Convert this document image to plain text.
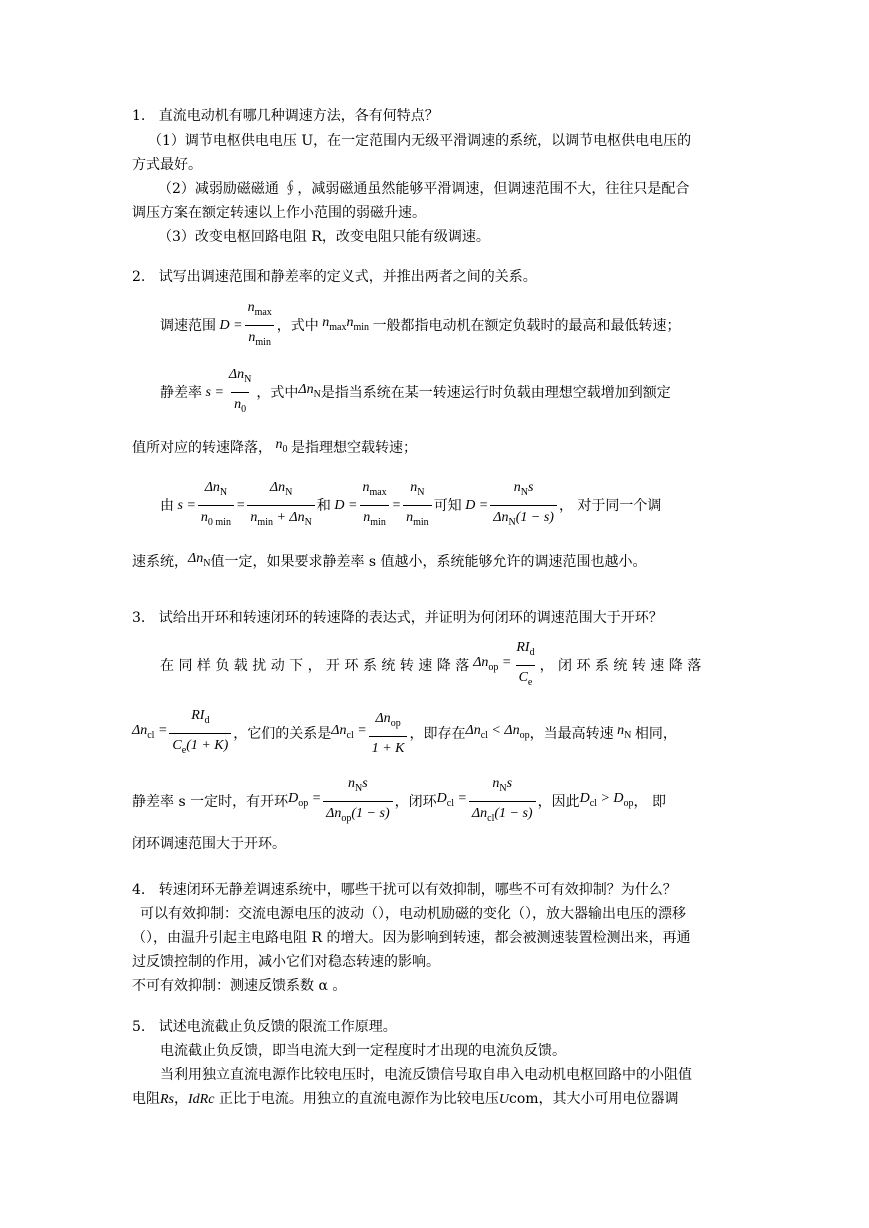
1.   直流电动机有哪几种调速方法，各有何特点？
（1）调节电枢供电电压 U，在一定范围内无级平滑调速的系统，以调节电枢供电电压的
方式最好。
（2）减弱励磁磁通 ∮，减弱磁通虽然能够平滑调速，但调速范围不大，往往只是配合
调压方案在额定转速以上作小范围的弱磁升速。
（3）改变电枢回路电阻 R，改变电阻只能有级调速。
2.   试写出调速范围和静差率的定义式，并推出两者之间的关系。
调速范围 D =
$n_{max}$
$n_{min}$
，式中 $n_{max}n_{min}$ 一般都指电动机在额定负载时的最高和最低转速；
静差率 s =
$\Delta n_N$
$n_0$
，式中 $\Delta n_N$ 是指当系统在某一转速运行时负载由理想空载增加到额定
值所对应的转速降落， $n_0$ 是指理想空载转速；
由 s =
$\Delta n_N$
$n_{0 min}$
=
$\Delta n_N$
$n_{min} + \Delta n_N$
和 D =
$n_{max}$
$n_{min}$
=
$n_N$
$n_{min}$
可知 D =
$n_Ns$
$\Delta n_N(1 - s)$
， 对于同一个调
速系统， $\Delta n_N$ 值一定，如果要求静差率 s 值越小，系统能够允许的调速范围也越小。
3.   试给出开环和转速闭环的转速降的表达式，并证明为何闭环的调速范围大于开环？
在 同 样 负 载 扰 动 下 ， 开 环 系 统 转 速 降 落 $\Delta n_{op}$ =
$RI_d$
$C_e$
， 闭 环 系 统 转 速 降 落
$\Delta n_{cl}$ =
$RI_d$
$C_e(1 + K)$
，它们的关系是 $\Delta n_{cl}$ =
$\Delta n_{op}$
1 + K
，即存在 $\Delta n_{cl} < \Delta n_{op}$ ，当最高转速 $n_N$ 相同，
静差率 s 一定时，有开环 $D_{op}$ =
$n_Ns$
$\Delta n_{op}(1 - s)$
，闭环 $D_{cl}$ =
$n_Ns$
$\Delta n_{cl}(1 - s)$
，因此 $D_{cl} > D_{op}$ ， 即
闭环调速范围大于开环。
4.   转速闭环无静差调速系统中，哪些干扰可以有效抑制，哪些不可有效抑制？为什么？
可以有效抑制：交流电源电压的波动（），电动机励磁的变化（），放大器输出电压的漂移
（），由温升引起主电路电阻 R 的增大。因为影响到转速，都会被测速装置检测出来，再通
过反馈控制的作用，减小它们对稳态转速的影响。
不可有效抑制：测速反馈系数 α 。
5.   试述电流截止负反馈的限流工作原理。
电流截止负反馈，即当电流大到一定程度时才出现的电流负反馈。
当利用独立直流电源作比较电压时，电流反馈信号取自串入电动机电枢回路中的小阻值
电阻Rs，IdRc 正比于电流。用独立的直流电源作为比较电压Ucom，其大小可用电位器调
